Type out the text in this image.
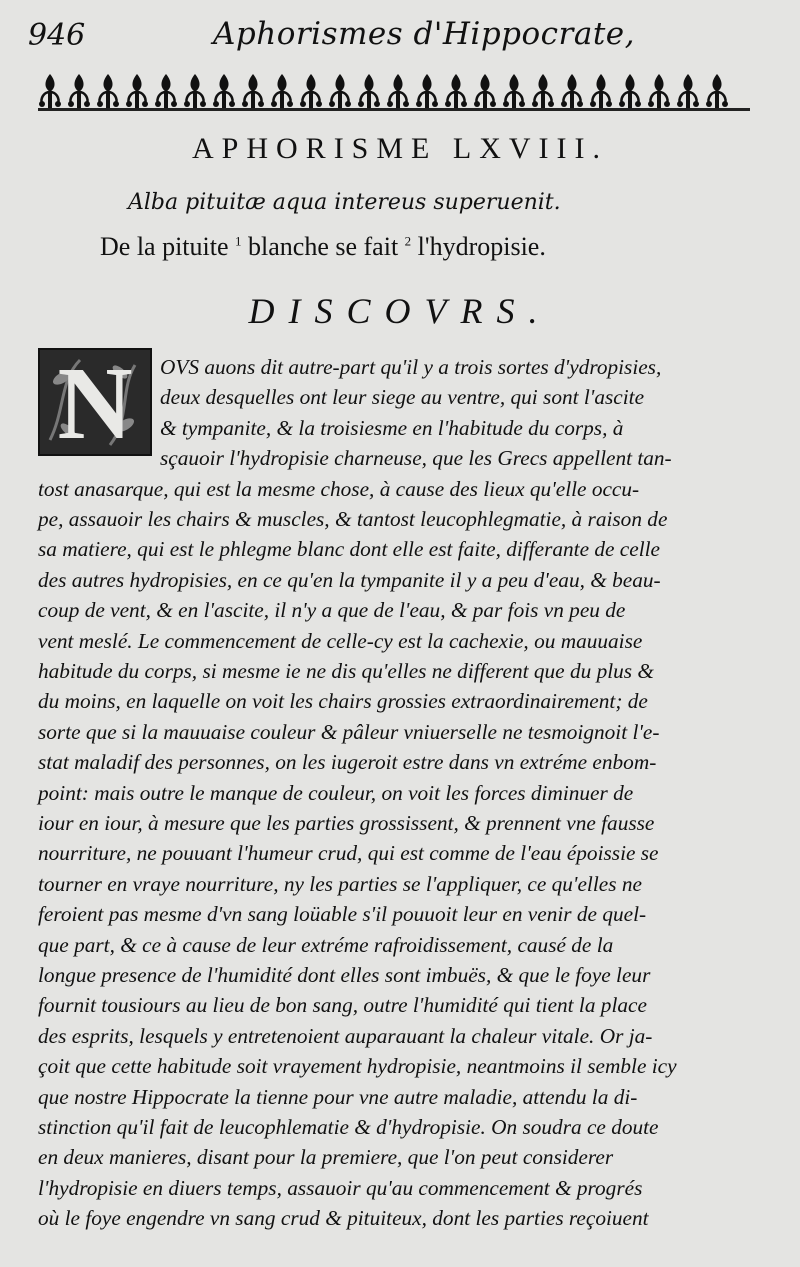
946	Aphorismes d'Hippocrate,
APHORISME LXVIII.
Alba pituitæ aqua intereus superuenit.
De la pituite $^1$ blanche se fait $^2$ l'hydropisie.
DISCOVRS.
N	OVS auons dit autre-part qu'il y a trois sortes d'ydropisies,
deux desquelles ont leur siege au ventre, qui sont l'ascite
& tympanite, & la troisiesme en l'habitude du corps, à
sçauoir l'hydropisie charneuse, que les Grecs appellent tan-
tost anasarque, qui est la mesme chose, à cause des lieux qu'elle occu-
pe, assauoir les chairs & muscles, & tantost leucophlegmatie, à raison de
sa matiere, qui est le phlegme blanc dont elle est faite, differante de celle
des autres hydropisies, en ce qu'en la tympanite il y a peu d'eau, & beau-
coup de vent, & en l'ascite, il n'y a que de l'eau, & par fois vn peu de
vent meslé. Le commencement de celle-cy est la cachexie, ou mauuaise
habitude du corps, si mesme ie ne dis qu'elles ne different que du plus &
du moins, en laquelle on voit les chairs grossies extraordinairement; de
sorte que si la mauuaise couleur & pâleur vniuerselle ne tesmoignoit l'e-
stat maladif des personnes, on les iugeroit estre dans vn extréme enbom-
point: mais outre le manque de couleur, on voit les forces diminuer de
iour en iour, à mesure que les parties grossissent, & prennent vne fausse
nourriture, ne pouuant l'humeur crud, qui est comme de l'eau époissie se
tourner en vraye nourriture, ny les parties se l'appliquer, ce qu'elles ne
feroient pas mesme d'vn sang loüable s'il pouuoit leur en venir de quel-
que part, & ce à cause de leur extréme rafroidissement, causé de la
longue presence de l'humidité dont elles sont imbuës, & que le foye leur
fournit tousiours au lieu de bon sang, outre l'humidité qui tient la place
des esprits, lesquels y entretenoient auparauant la chaleur vitale. Or ja-
çoit que cette habitude soit vrayement hydropisie, neantmoins il semble icy
que nostre Hippocrate la tienne pour vne autre maladie, attendu la di-
stinction qu'il fait de leucophlematie & d'hydropisie. On soudra ce doute
en deux manieres, disant pour la premiere, que l'on peut considerer
l'hydropisie en diuers temps, assauoir qu'au commencement & progrés
où le foye engendre vn sang crud & pituiteux, dont les parties reçoiuent
